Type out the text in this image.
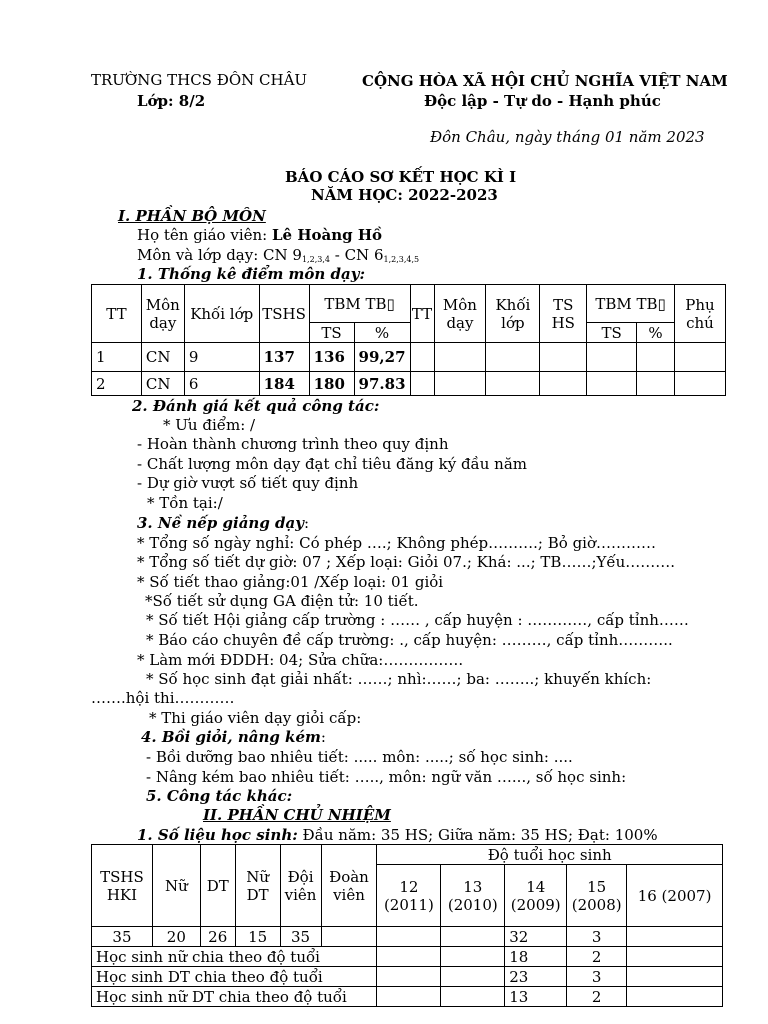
TRƯỜNG THCS ĐÔN CHÂU
Lớp: 8/2
CỘNG HÒA XÃ HỘI CHỦ NGHĨA VIỆT NAM
Độc lập - Tự do - Hạnh phúc
Đôn Châu, ngày tháng 01 năm 2023
BÁO CÁO SƠ KẾT HỌC KÌ I
NĂM HỌC: 2022-2023
I. PHẦN BỘ MÔN
Họ tên giáo viên: Lê Hoàng Hồ
Môn và lớp dạy: CN $9_{1,2,3,4}$ - CN $6_{1,2,3,4,5}$
1. Thống kê điểm môn dạy:
TT	Môn dạy	Khối lớp	TSHS	TBM TB▯		TT	Môn dạy	Khối lớp	TS HS	TBM TB▯		Phụ chú
				TS	%					TS	%	
1	CN	9	137	136	99,27							
2	CN	6	184	180	97.83							
2. Đánh giá kết quả công tác:
* Ưu điểm: /
- Hoàn thành chương trình theo quy định
- Chất lượng môn dạy đạt chỉ tiêu đăng ký đầu năm
- Dự giờ vượt số tiết quy định
* Tồn tại:/
3. Nề nếp giảng dạy:
* Tổng số ngày nghỉ: Có phép ….; Không phép……….; Bỏ giờ…………
* Tổng số tiết dự giờ: 07 ; Xếp loại: Giỏi 07.; Khá: ...; TB……;Yếu……….
* Số tiết thao giảng:01 /Xếp loại: 01 giỏi
*Số tiết sử dụng GA điện tử: 10 tiết.
* Số tiết Hội giảng cấp trường : …… , cấp huyện : …………, cấp tỉnh……
* Báo cáo chuyên đề cấp trường: ., cấp huyện: ………, cấp tỉnh………..
* Làm mới ĐDDH: 04; Sửa chữa:…………….
* Số học sinh đạt giải nhất: ……; nhì:……; ba: ……..; khuyến khích:
…….hội thi…………
* Thi giáo viên dạy giỏi cấp:
4. Bồi giỏi, nâng kém:
- Bồi dưỡng bao nhiêu tiết: ..... môn: .....; số học sinh: ....
- Nâng kém bao nhiêu tiết: ….., môn: ngữ văn …..., số học sinh:
5. Công tác khác:
II. PHẦN CHỦ NHIỆM
1. Số liệu học sinh: Đầu năm: 35 HS; Giữa năm: 35 HS; Đạt: 100%
TSHS HKI	Nữ	DT	Nữ DT	Đội viên	Đoàn viên	Độ tuổi học sinh				
						12 (2011)	13 (2010)	14 (2009)	15 (2008)	16 (2007)
35	20	26	15	35				32	3	
Học sinh nữ chia theo độ tuổi								18	2	
Học sinh DT chia theo độ tuổi								23	3	
Học sinh nữ DT chia theo độ tuổi								13	2	
